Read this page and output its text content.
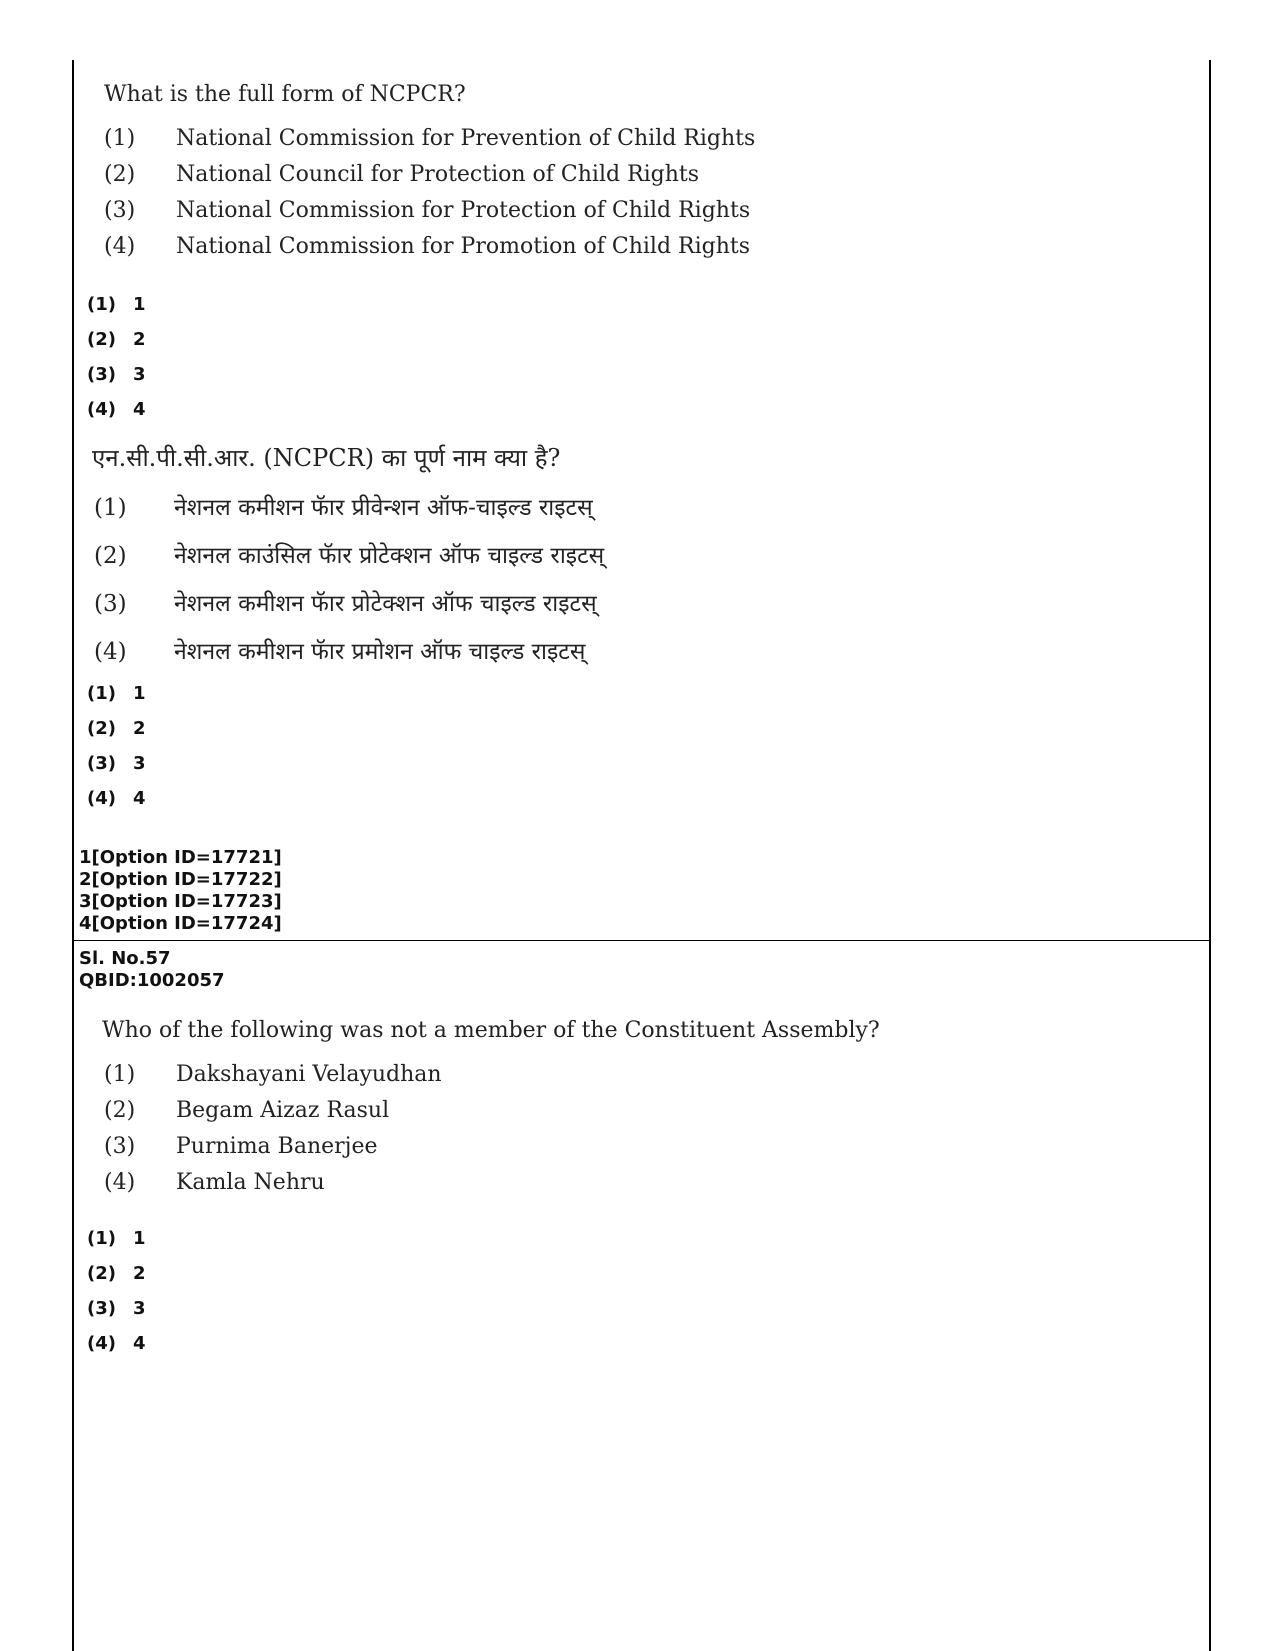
What is the full form of NCPCR?
(1) National Commission for Prevention of Child Rights
(2) National Council for Protection of Child Rights
(3) National Commission for Protection of Child Rights
(4) National Commission for Promotion of Child Rights
(1) 1
(2) 2
(3) 3
(4) 4
एन.सी.पी.सी.आर. (NCPCR) का पूर्ण नाम क्या है?
(1) नेशनल कमीशन फॅार प्रीवेन्शन ऑफ-चाइल्ड राइटस्
(2) नेशनल काउंसिल फॅार प्रोटेक्शन ऑफ चाइल्ड राइटस्
(3) नेशनल कमीशन फॅार प्रोटेक्शन ऑफ चाइल्ड राइटस्
(4) नेशनल कमीशन फॅार प्रमोशन ऑफ चाइल्ड राइटस्
(1) 1
(2) 2
(3) 3
(4) 4
1[Option ID=17721]
2[Option ID=17722]
3[Option ID=17723]
4[Option ID=17724]
Sl. No.57
QBID:1002057
Who of the following was not a member of the Constituent Assembly?
(1) Dakshayani Velayudhan
(2) Begam Aizaz Rasul
(3) Purnima Banerjee
(4) Kamla Nehru
(1) 1
(2) 2
(3) 3
(4) 4
